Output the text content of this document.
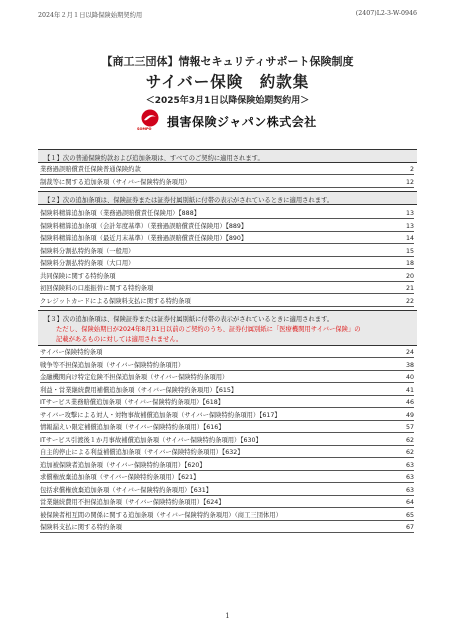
2024年２月１日以降保険始期契約用	(2407)L2-3-W-0946
【商工三団体】情報セキュリティサポート保険制度
サイバー保険　約款集
＜2025年3月1日以降保険始期契約用＞
SOMPO
損害保険ジャパン株式会社
【１】次の普通保険約款および追加条項は、すべてのご契約に適用されます。
業務過誤賠償責任保険普通保険約款	2
制裁等に関する追加条項（サイバー保険特約条項用）	12
【２】次の追加条項は、保険証券または証券付属別紙に付帯の表示がされているときに適用されます。
保険料精算追加条項（業務過誤賠償責任保険用）【888】	13
保険料精算追加条項（会計年度基準）（業務過誤賠償責任保険用）【889】	13
保険料精算追加条項（最近月末基準）（業務過誤賠償責任保険用）【890】	14
保険料分割払特約条項（一般用）	15
保険料分割払特約条項（大口用）	18
共同保険に関する特約条項	20
初回保険料の口座振替に関する特約条項	21
クレジットカードによる保険料支払に関する特約条項	22
【３】次の追加条項は、保険証券または証券付属別紙に付帯の表示がされているときに適用されます。
ただし、保険始期日が2024年8月31日以前のご契約のうち、証券付属別紙に「医療機関用サイバー保険」の
記載があるものに対しては適用されません。
サイバー保険特約条項	24
戦争等不担保追加条項（サイバー保険特約条項用）	38
金融機関向け特定危険不担保追加条項（サイバー保険特約条項用）	40
利益・営業継続費用補償追加条項（サイバー保険特約条項用）【615】	41
ITサービス業務賠償追加条項（サイバー保険特約条項用）【618】	46
サイバー攻撃による対人・対物事故補償追加条項（サイバー保険特約条項用）【617】	49
情報漏えい限定補償追加条項（サイバー保険特約条項用）【616】	57
ITサービス引渡後１か月事故補償追加条項（サイバー保険特約条項用）【630】	62
自主的停止による利益補償追加条項（サイバー保険特約条項用）【632】	62
追加被保険者追加条項（サイバー保険特約条項用）【620】	63
求償権放棄追加条項（サイバー保険特約条項用）【621】	63
包括求償権放棄追加条項（サイバー保険特約条項用）【631】	63
営業継続費用不担保追加条項（サイバー保険特約条項用）【624】	64
被保険者相互間の関係に関する追加条項（サイバー保険特約条項用）（商工三団体用）	65
保険料支払に関する特約条項	67
1
